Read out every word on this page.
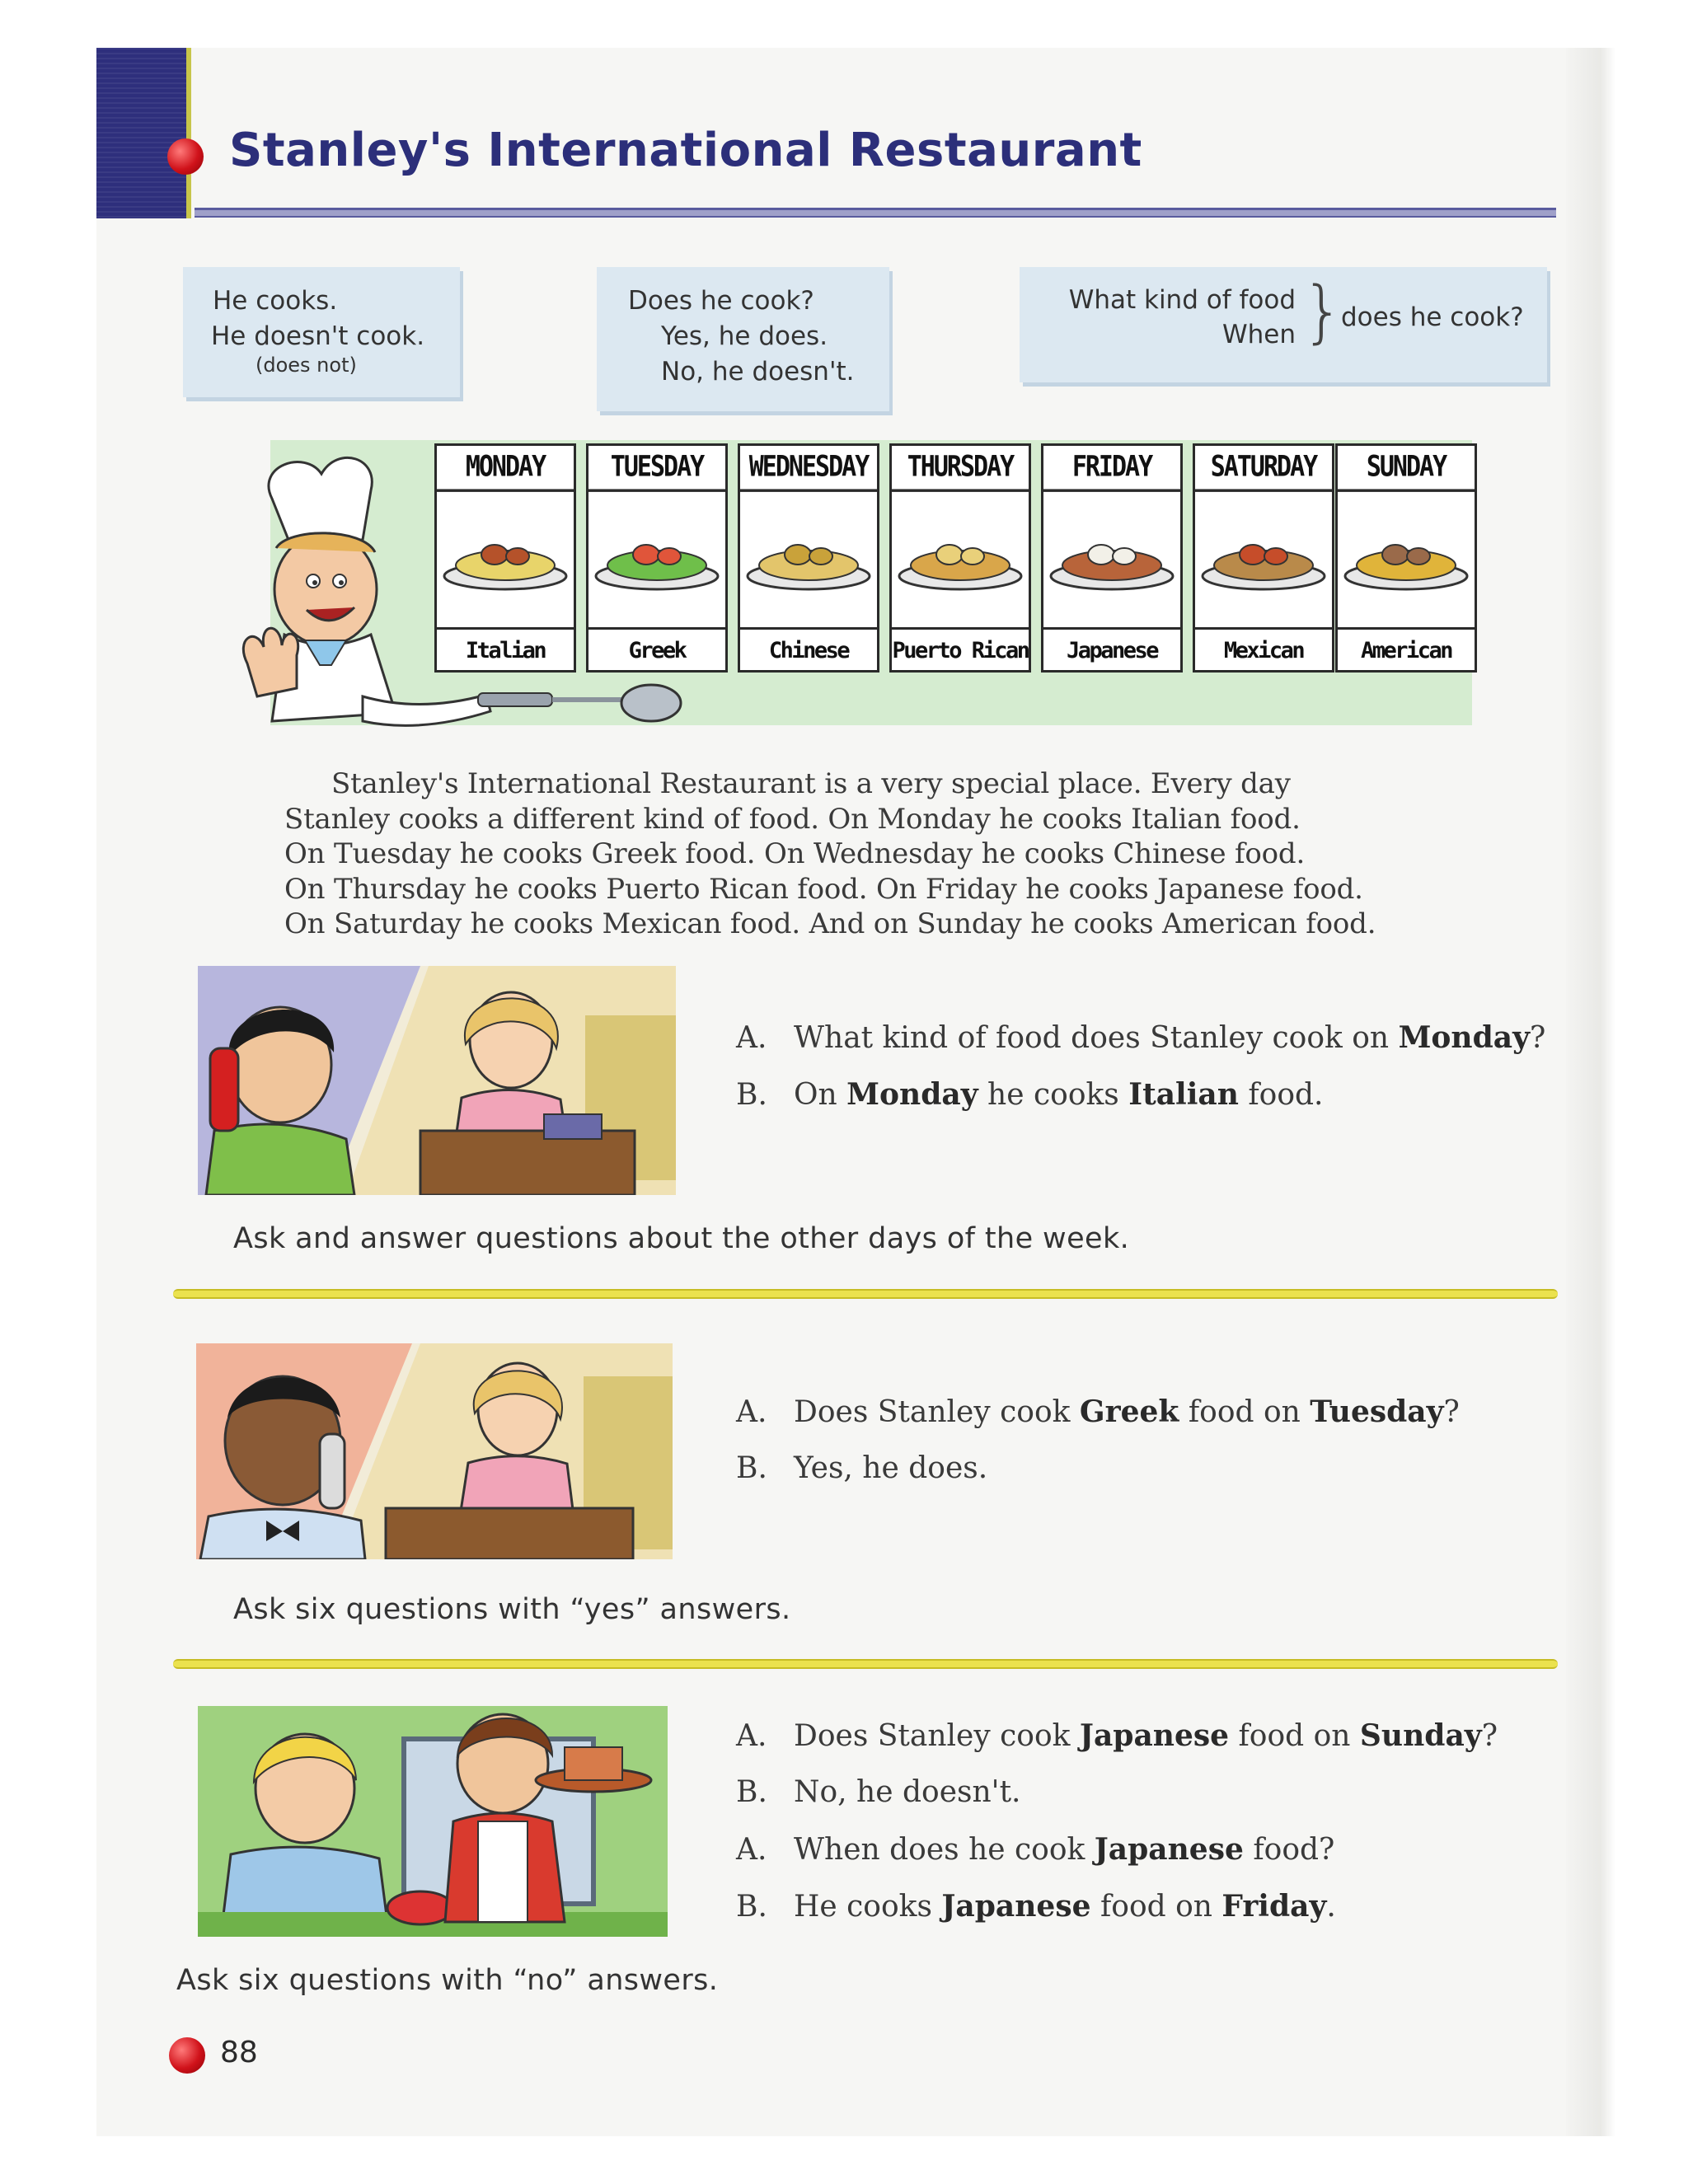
Stanley's International Restaurant
He cooks.
He doesn't cook.
(does not)
Does he cook?
Yes, he does.
No, he doesn't.
What kind of food
When }
does he cook?
MONDAY
Italian
TUESDAY
Greek
WEDNESDAY
Chinese
THURSDAY
Puerto Rican
FRIDAY
Japanese
SATURDAY
Mexican
SUNDAY
American

Stanley's International Restaurant is a very special place. Every day

Stanley cooks a different kind of food. On Monday he cooks Italian food.

On Tuesday he cooks Greek food. On Wednesday he cooks Chinese food.

On Thursday he cooks Puerto Rican food. On Friday he cooks Japanese food.

On Saturday he cooks Mexican food. And on Sunday he cooks American food.

A. What kind of food does Stanley cook on Monday?
B. On Monday he cooks Italian food.
Ask and answer questions about the other days of the week.
A. Does Stanley cook Greek food on Tuesday?
B. Yes, he does.
Ask six questions with “yes” answers.
A. Does Stanley cook Japanese food on Sunday?
B. No, he doesn't.
A. When does he cook Japanese food?
B. He cooks Japanese food on Friday.
Ask six questions with “no” answers.
88
